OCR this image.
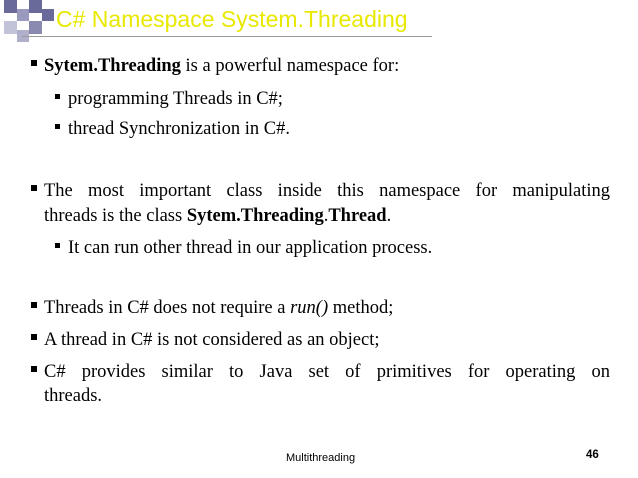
C# Namespace System.Threading
Sytem.Threading is a powerful namespace for:
programming Threads in C#;
thread Synchronization in C#.
The most important class inside this namespace for manipulating
threads is the class Sytem.Threading.Thread.
It can run other thread in our application process.
Threads in C# does not require a run() method;
A thread in C# is not considered as an object;
C# provides similar to Java set of primitives for operating on
threads.
Multithreading	46
